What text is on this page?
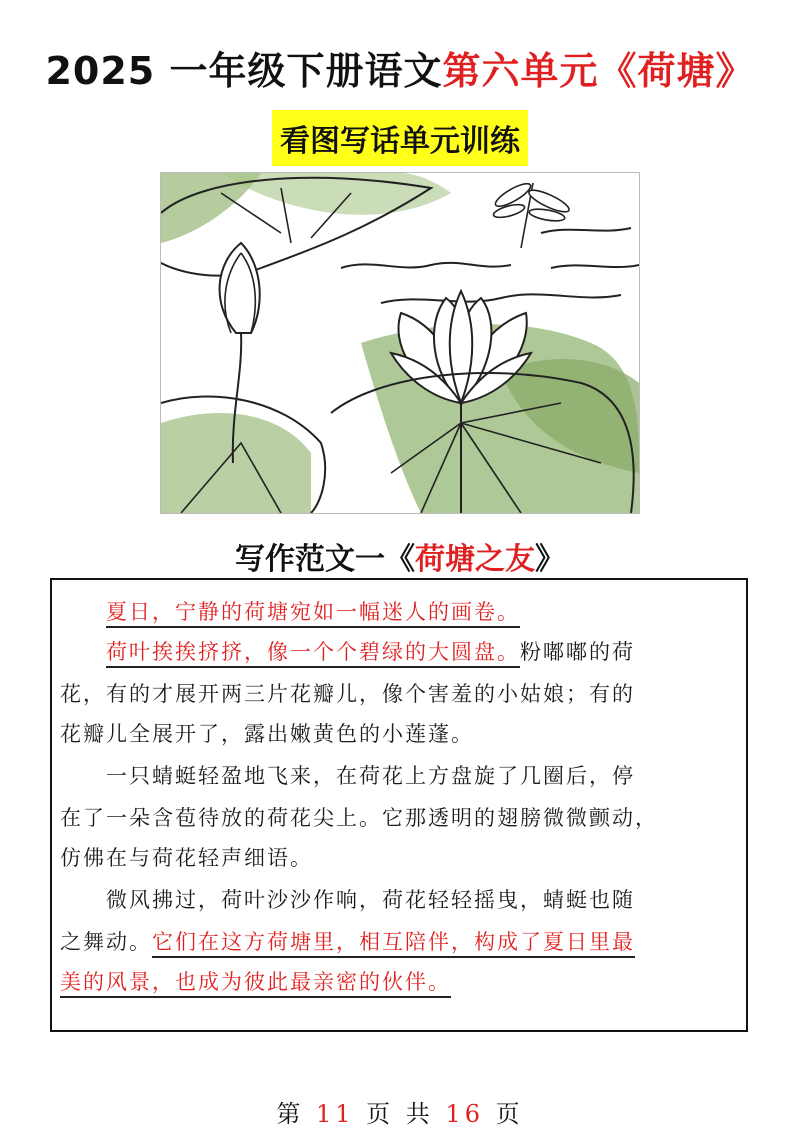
2025 一年级下册语文第六单元《荷塘》
看图写话单元训练
写作范文一《荷塘之友》
夏日，宁静的荷塘宛如一幅迷人的画卷。
荷叶挨挨挤挤，像一个个碧绿的大圆盘。粉嘟嘟的荷
花，有的才展开两三片花瓣儿，像个害羞的小姑娘；有的
花瓣儿全展开了，露出嫩黄色的小莲蓬。
一只蜻蜓轻盈地飞来，在荷花上方盘旋了几圈后，停
在了一朵含苞待放的荷花尖上。它那透明的翅膀微微颤动，
仿佛在与荷花轻声细语。
微风拂过，荷叶沙沙作响，荷花轻轻摇曳，蜻蜓也随
之舞动。它们在这方荷塘里，相互陪伴，构成了夏日里最
美的风景，也成为彼此最亲密的伙伴。
第 11 页 共 16 页
